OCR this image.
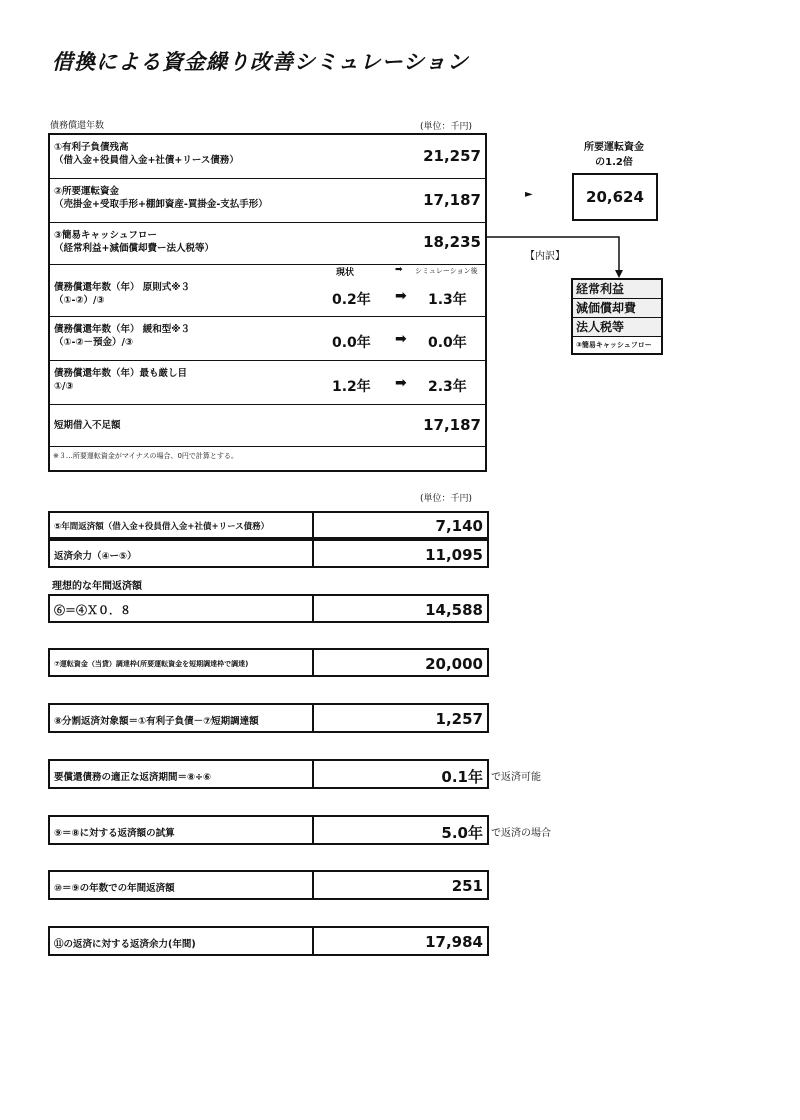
借換による資金繰り改善シミュレーション
債務償還年数	(単位：千円)
①有利子負債残高
（借入金+役員借入金+社債+リース債務）	21,257
②所要運転資金
（売掛金+受取手形+棚卸資産-買掛金-支払手形）	17,187
③簡易キャッシュフロー
（経常利益+減価償却費ー法人税等）	18,235
現状	➡ シミュレーション後
債務償還年数（年） 原則式※３
（①-②）/③	0.2年 ➡ 1.3年
債務償還年数（年） 緩和型※３
（①-②－預金）/③	0.0年 ➡ 0.0年
債務償還年数（年）最も厳し目
①/③	1.2年 ➡ 2.3年
短期借入不足額	17,187
※３…所要運転資金がマイナスの場合、0円で計算とする。
所要運転資金
の1.2倍
►	20,624
【内訳】
経常利益
減価償却費
法人税等
③簡易キャッシュフロー
(単位：千円)
⑤年間返済額（借入金+役員借入金+社債+リース債務）	7,140
返済余力（④ー⑤）	11,095
理想的な年間返済額
⑥＝④Ｘ０．８	14,588
⑦運転資金（当貸）調達枠(所要運転資金を短期調達枠で調達)	20,000
⑧分割返済対象額＝①有利子負債－⑦短期調達額	1,257
要償還債務の適正な返済期間＝⑧÷⑥	0.1年 で返済可能
⑨＝⑧に対する返済額の試算	5.0年 で返済の場合
⑩＝⑨の年数での年間返済額	251
⑪の返済に対する返済余力(年間)	17,984
